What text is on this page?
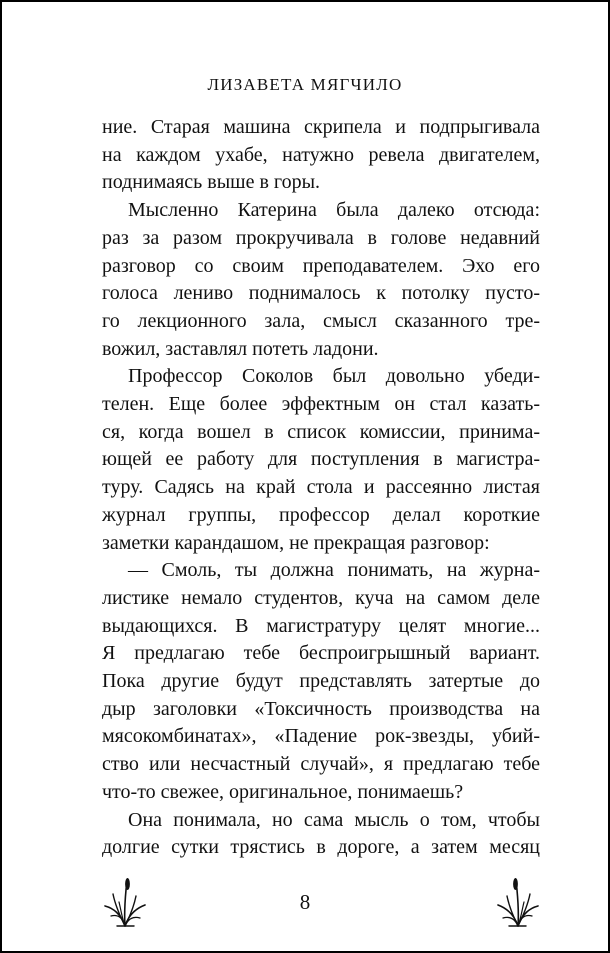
ЛИЗАВЕТА МЯГЧИЛО
ние. Старая машина скрипела и подпрыгивала
на каждом ухабе, натужно ревела двигателем,
поднимаясь выше в горы.
Мысленно Катерина была далеко отсюда:
раз за разом прокручивала в голове недавний
разговор со своим преподавателем. Эхо его
голоса лениво поднималось к потолку пусто-
го лекционного зала, смысл сказанного тре-
вожил, заставлял потеть ладони.
Профессор Соколов был довольно убеди-
телен. Еще более эффектным он стал казать-
ся, когда вошел в список комиссии, принима-
ющей ее работу для поступления в магистра-
туру. Садясь на край стола и рассеянно листая
журнал группы, профессор делал короткие
заметки карандашом, не прекращая разговор:
— Смоль, ты должна понимать, на журна-
листике немало студентов, куча на самом деле
выдающихся. В магистратуру целят многие...
Я предлагаю тебе беспроигрышный вариант.
Пока другие будут представлять затертые до
дыр заголовки «Токсичность производства на
мясокомбинатах», «Падение рок-звезды, убий-
ство или несчастный случай», я предлагаю тебе
что-то свежее, оригинальное, понимаешь?
Она понимала, но сама мысль о том, чтобы
долгие сутки трястись в дороге, а затем месяц
8
